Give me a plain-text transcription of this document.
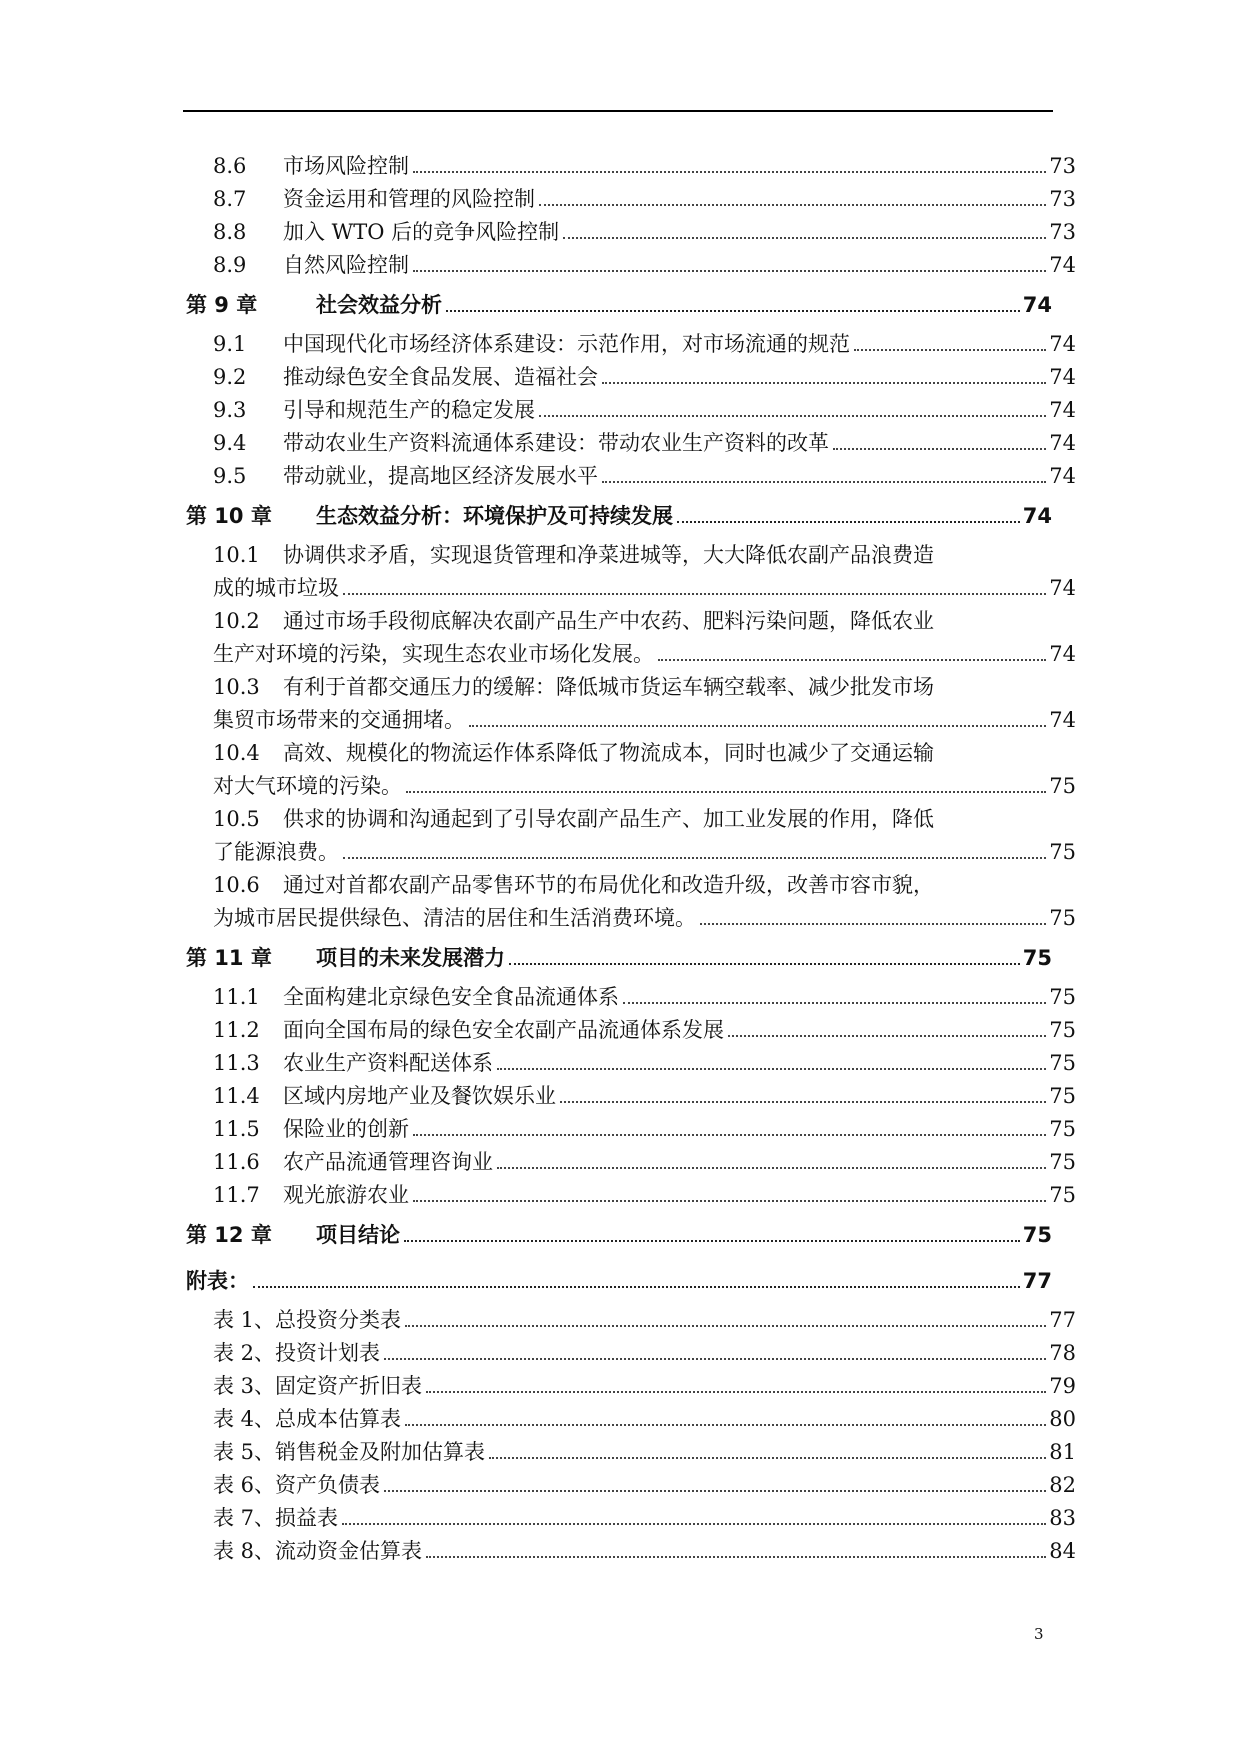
8.6	市场风险控制	73
8.7	资金运用和管理的风险控制	73
8.8	加入 WTO 后的竞争风险控制	73
8.9	自然风险控制	74
第 9 章	社会效益分析	74
9.1	中国现代化市场经济体系建设：示范作用，对市场流通的规范	74
9.2	推动绿色安全食品发展、造福社会	74
9.3	引导和规范生产的稳定发展	74
9.4	带动农业生产资料流通体系建设：带动农业生产资料的改革	74
9.5	带动就业，提高地区经济发展水平	74
第 10 章	生态效益分析：环境保护及可持续发展	74
10.1	协调供求矛盾，实现退货管理和净菜进城等，大大降低农副产品浪费造
成的城市垃圾	74
10.2	通过市场手段彻底解决农副产品生产中农药、肥料污染问题，降低农业
生产对环境的污染，实现生态农业市场化发展。	74
10.3	有利于首都交通压力的缓解：降低城市货运车辆空载率、减少批发市场
集贸市场带来的交通拥堵。	74
10.4	高效、规模化的物流运作体系降低了物流成本，同时也减少了交通运输
对大气环境的污染。	75
10.5	供求的协调和沟通起到了引导农副产品生产、加工业发展的作用，降低
了能源浪费。	75
10.6	通过对首都农副产品零售环节的布局优化和改造升级，改善市容市貌，
为城市居民提供绿色、清洁的居住和生活消费环境。	75
第 11 章	项目的未来发展潜力	75
11.1	全面构建北京绿色安全食品流通体系	75
11.2	面向全国布局的绿色安全农副产品流通体系发展	75
11.3	农业生产资料配送体系	75
11.4	区域内房地产业及餐饮娱乐业	75
11.5	保险业的创新	75
11.6	农产品流通管理咨询业	75
11.7	观光旅游农业	75
第 12 章	项目结论	75
附表：	77
表 1、总投资分类表	77
表 2、投资计划表	78
表 3、固定资产折旧表	79
表 4、总成本估算表	80
表 5、销售税金及附加估算表	81
表 6、资产负债表	82
表 7、损益表	83
表 8、流动资金估算表	84
3
